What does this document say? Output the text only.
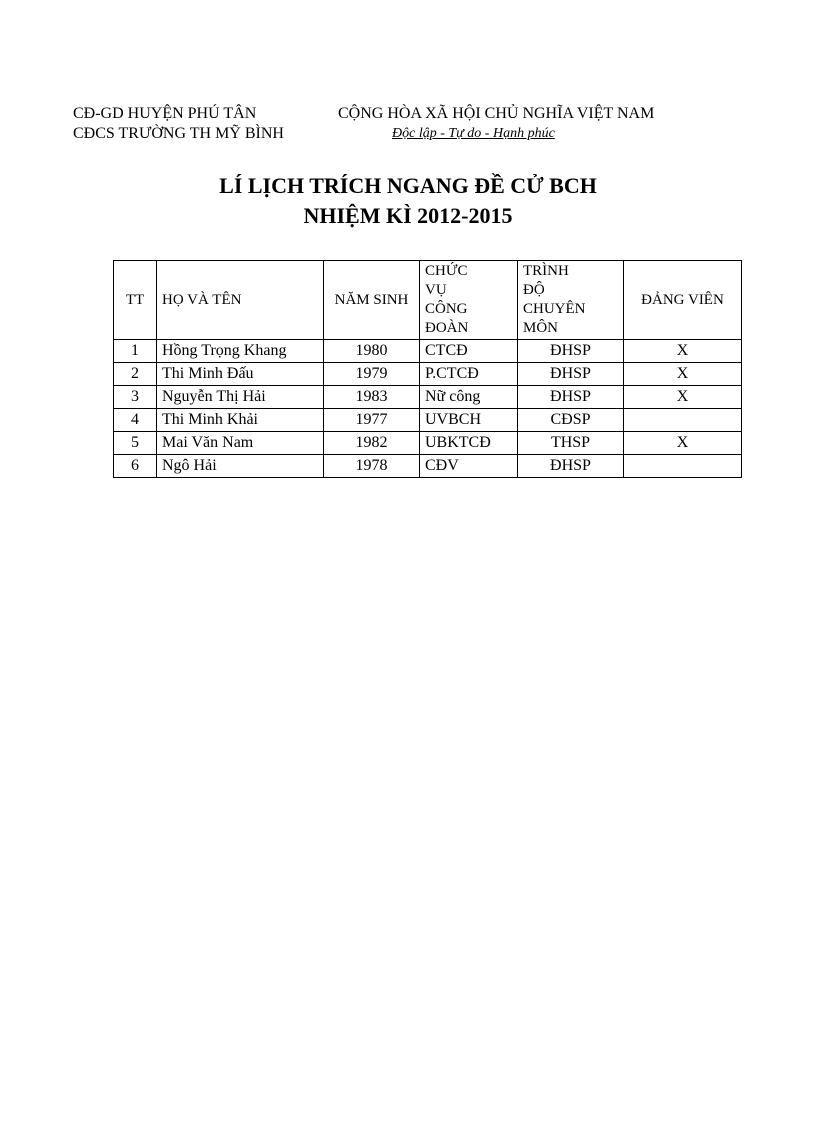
CĐ-GD HUYỆN PHÚ TÂN
CĐCS TRƯỜNG TH MỸ BÌNH
CỘNG HÒA XÃ HỘI CHỦ NGHĨA VIỆT NAM
Độc lập - Tự do - Hạnh phúc
LÍ LỊCH TRÍCH NGANG ĐỀ CỬ BCH
NHIỆM KÌ 2012-2015
TT	HỌ VÀ TÊN	NĂM SINH	CHỨC
VỤ
CÔNG
ĐOÀN	TRÌNH
ĐỘ
CHUYÊN
MÔN	ĐẢNG VIÊN
1	Hồng Trọng Khang	1980	CTCĐ	ĐHSP	X
2	Thi Minh Đấu	1979	P.CTCĐ	ĐHSP	X
3	Nguyễn Thị Hải	1983	Nữ công	ĐHSP	X
4	Thi Minh Khải	1977	UVBCH	CĐSP	
5	Mai Văn Nam	1982	UBKTCĐ	THSP	X
6	Ngô Hải	1978	CĐV	ĐHSP	
